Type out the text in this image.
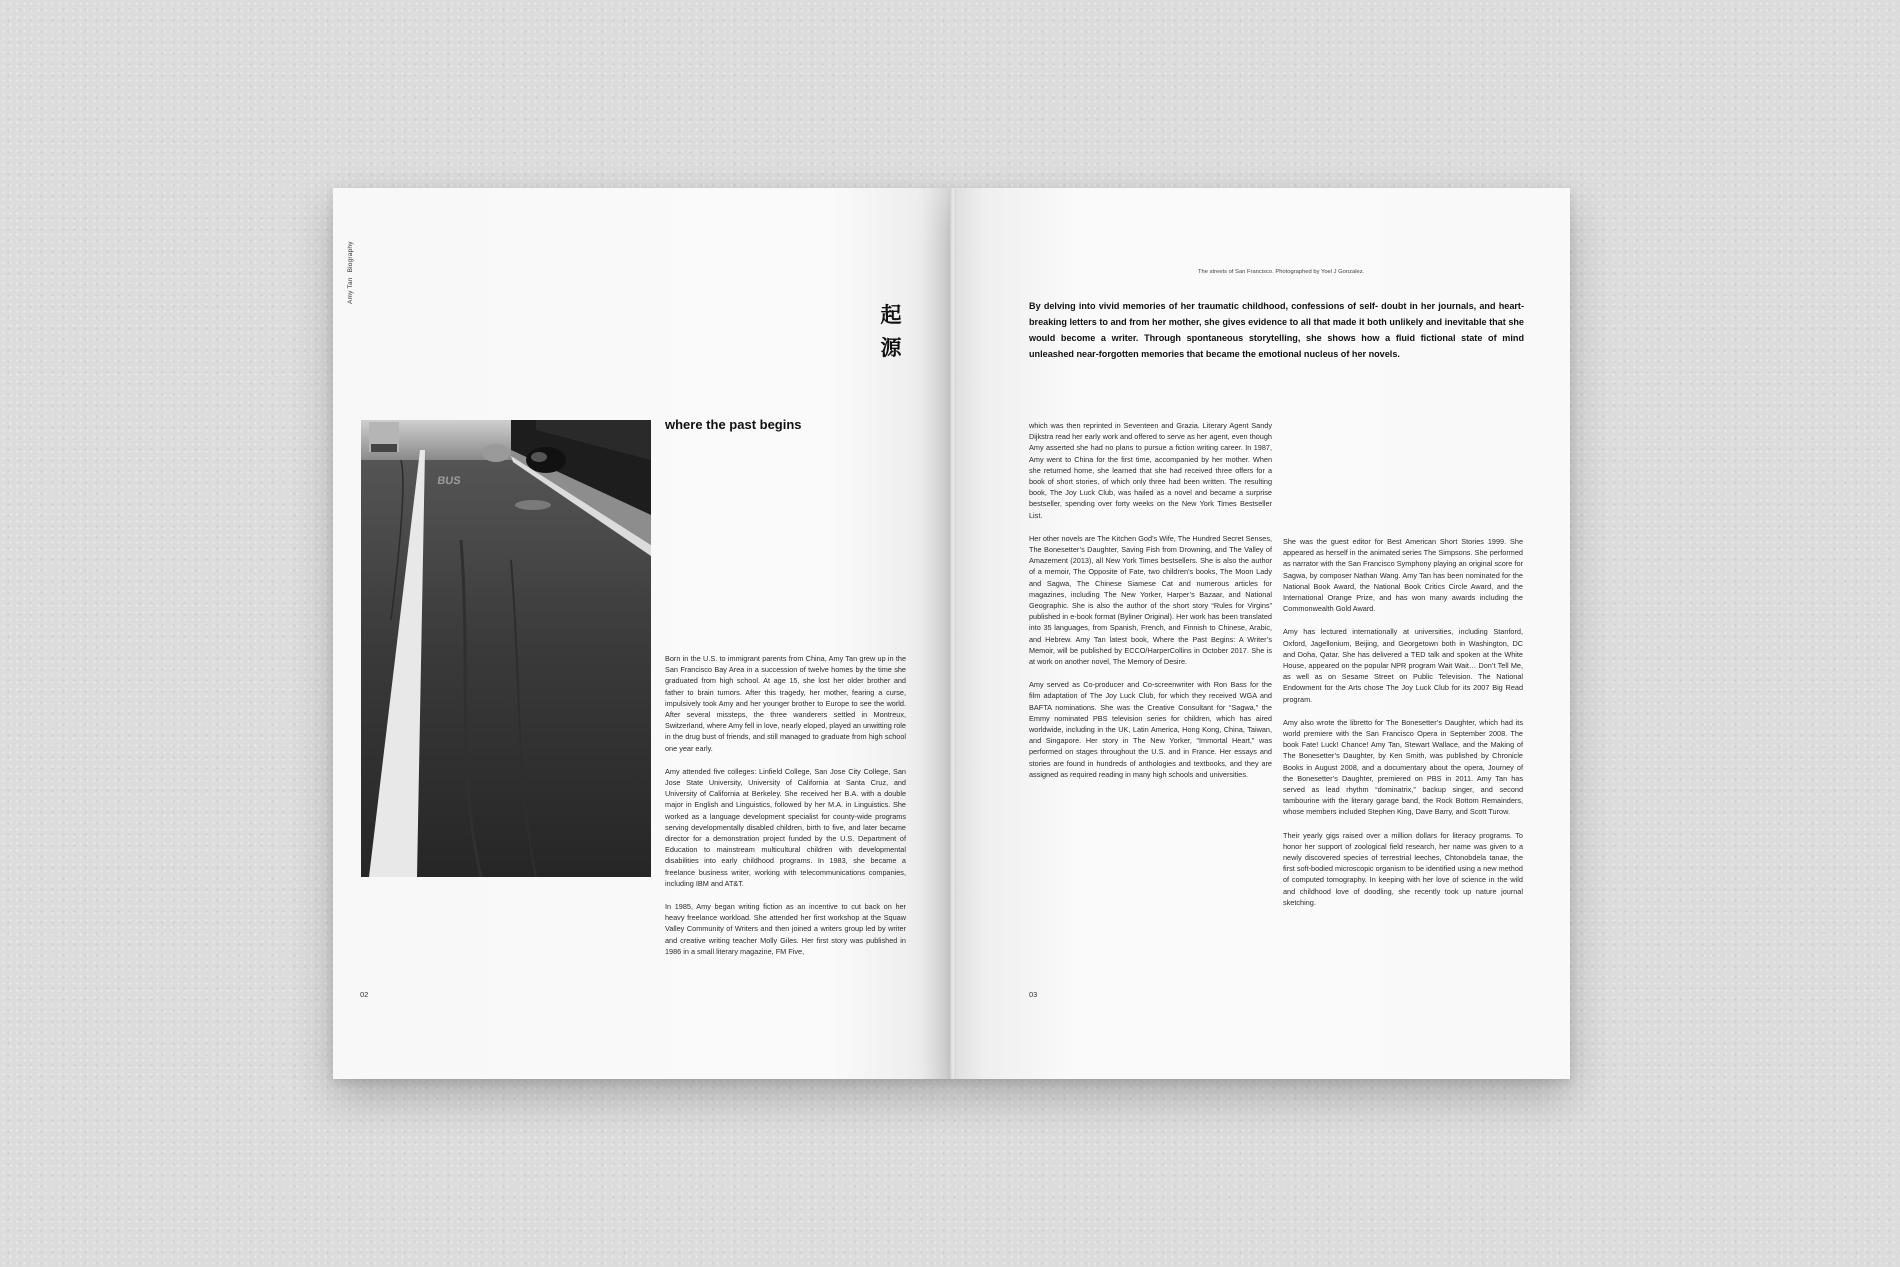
Amy Tan Biography
起
源
BUS
where the past begins

Born in the U.S. to immigrant parents from China, Amy Tan grew up in the San Francisco Bay Area in a succession of twelve homes by the time she graduated from high school. At age 15, she lost her older brother and father to brain tumors. After this tragedy, her mother, fearing a curse, impulsively took Amy and her younger brother to Europe to see the world. After several missteps, the three wanderers settled in Montreux, Switzerland, where Amy fell in love, nearly eloped, played an unwitting role in the drug bust of friends, and still managed to graduate from high school one year early.

Amy attended five colleges: Linfield College, San Jose City College, San Jose State University, University of California at Santa Cruz, and University of California at Berkeley. She received her B.A. with a double major in English and Linguistics, followed by her M.A. in Linguistics. She worked as a language development specialist for county-wide programs serving developmentally disabled children, birth to five, and later became director for a demonstration project funded by the U.S. Department of Education to mainstream multicultural children with developmental disabilities into early childhood programs. In 1983, she became a freelance business writer, working with telecommunications companies, including IBM and AT&T.

In 1985, Amy began writing fiction as an incentive to cut back on her heavy freelance workload. She attended her first workshop at the Squaw Valley Community of Writers and then joined a writers group led by writer and creative writing teacher Molly Giles. Her first story was published in 1986 in a small literary magazine, FM Five,

02
The streets of San Francisco. Photographed by Yoel J Gonzalez.
By delving into vivid memories of her traumatic childhood, confessions of self- doubt in her journals, and heart-breaking letters to and from her mother, she gives evidence to all that made it both unlikely and inevitable that she would become a writer. Through spontaneous storytelling, she shows how a fluid fictional state of mind unleashed near-forgotten memories that became the emotional nucleus of her novels.

which was then reprinted in Seventeen and Grazia. Literary Agent Sandy Dijkstra read her early work and offered to serve as her agent, even though Amy asserted she had no plans to pursue a fiction writing career. In 1987, Amy went to China for the first time, accompanied by her mother. When she returned home, she learned that she had received three offers for a book of short stories, of which only three had been written. The resulting book, The Joy Luck Club, was hailed as a novel and became a surprise bestseller, spending over forty weeks on the New York Times Bestseller List.

Her other novels are The Kitchen God’s Wife, The Hundred Secret Senses, The Bonesetter’s Daughter, Saving Fish from Drowning, and The Valley of Amazement (2013), all New York Times bestsellers. She is also the author of a memoir, The Opposite of Fate, two children’s books, The Moon Lady and Sagwa, The Chinese Siamese Cat and numerous articles for magazines, including The New Yorker, Harper’s Bazaar, and National Geographic. She is also the author of the short story “Rules for Virgins” published in e-book format (Byliner Original). Her work has been translated into 35 languages, from Spanish, French, and Finnish to Chinese, Arabic, and Hebrew. Amy Tan latest book, Where the Past Begins: A Writer’s Memoir, will be published by ECCO/HarperCollins in October 2017. She is at work on another novel, The Memory of Desire.

Amy served as Co-producer and Co-screenwriter with Ron Bass for the film adaptation of The Joy Luck Club, for which they received WGA and BAFTA nominations. She was the Creative Consultant for “Sagwa,” the Emmy nominated PBS television series for children, which has aired worldwide, including in the UK, Latin America, Hong Kong, China, Taiwan, and Singapore. Her story in The New Yorker, “Immortal Heart,” was performed on stages throughout the U.S. and in France. Her essays and stories are found in hundreds of anthologies and textbooks, and they are assigned as required reading in many high schools and universities.

She was the guest editor for Best American Short Stories 1999. She appeared as herself in the animated series The Simpsons. She performed as narrator with the San Francisco Symphony playing an original score for Sagwa, by composer Nathan Wang. Amy Tan has been nominated for the National Book Award, the National Book Critics Circle Award, and the International Orange Prize, and has won many awards including the Commonwealth Gold Award.

Amy has lectured internationally at universities, including Stanford, Oxford, Jagellonium, Beijing, and Georgetown both in Washington, DC and Doha, Qatar. She has delivered a TED talk and spoken at the White House, appeared on the popular NPR program Wait Wait… Don’t Tell Me, as well as on Sesame Street on Public Television. The National Endowment for the Arts chose The Joy Luck Club for its 2007 Big Read program.

Amy also wrote the libretto for The Bonesetter’s Daughter, which had its world premiere with the San Francisco Opera in September 2008. The book Fate! Luck! Chance! Amy Tan, Stewart Wallace, and the Making of The Bonesetter’s Daughter, by Ken Smith, was published by Chronicle Books in August 2008, and a documentary about the opera, Journey of the Bonesetter’s Daughter, premiered on PBS in 2011. Amy Tan has served as lead rhythm “dominatrix,” backup singer, and second tambourine with the literary garage band, the Rock Bottom Remainders, whose members included Stephen King, Dave Barry, and Scott Turow.

Their yearly gigs raised over a million dollars for literacy programs. To honor her support of zoological field research, her name was given to a newly discovered species of terrestrial leeches, Chtonobdela tanae, the first soft-bodied microscopic organism to be identified using a new method of computed tomography. In keeping with her love of science in the wild and childhood love of doodling, she recently took up nature journal sketching.

03
